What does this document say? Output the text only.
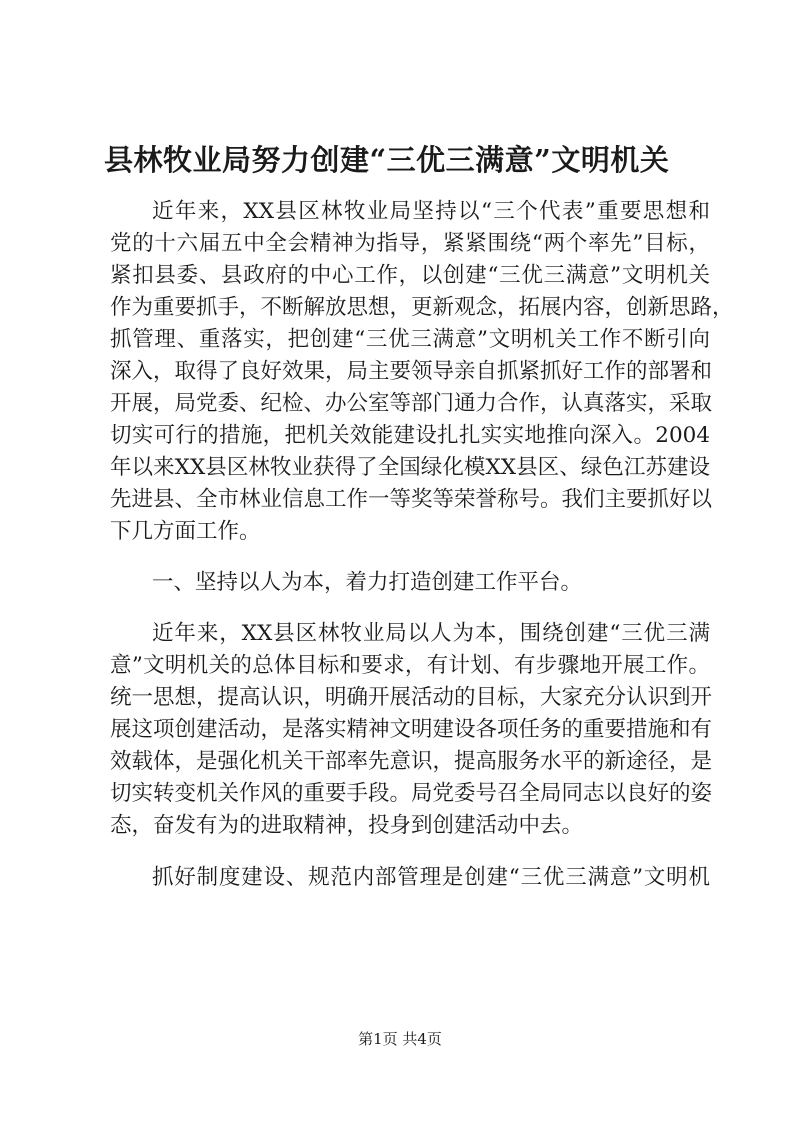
县林牧业局努力创建“三优三满意”文明机关

近年来，XX县区林牧业局坚持以“三个代表”重要思想和

党的十六届五中全会精神为指导，紧紧围绕“两个率先”目标，

紧扣县委、县政府的中心工作，以创建“三优三满意”文明机关

作为重要抓手，不断解放思想，更新观念，拓展内容，创新思路，

抓管理、重落实，把创建“三优三满意”文明机关工作不断引向

深入，取得了良好效果，局主要领导亲自抓紧抓好工作的部署和

开展，局党委、纪检、办公室等部门通力合作，认真落实，采取

切实可行的措施，把机关效能建设扎扎实实地推向深入。2004

年以来XX县区林牧业获得了全国绿化模XX县区、绿色江苏建设

先进县、全市林业信息工作一等奖等荣誉称号。我们主要抓好以

下几方面工作。

一、坚持以人为本，着力打造创建工作平台。

近年来，XX县区林牧业局以人为本，围绕创建“三优三满

意”文明机关的总体目标和要求，有计划、有步骤地开展工作。

统一思想，提高认识，明确开展活动的目标，大家充分认识到开

展这项创建活动，是落实精神文明建设各项任务的重要措施和有

效载体，是强化机关干部率先意识，提高服务水平的新途径，是

切实转变机关作风的重要手段。局党委号召全局同志以良好的姿

态，奋发有为的进取精神，投身到创建活动中去。

抓好制度建设、规范内部管理是创建“三优三满意”文明机

第1页 共4页
